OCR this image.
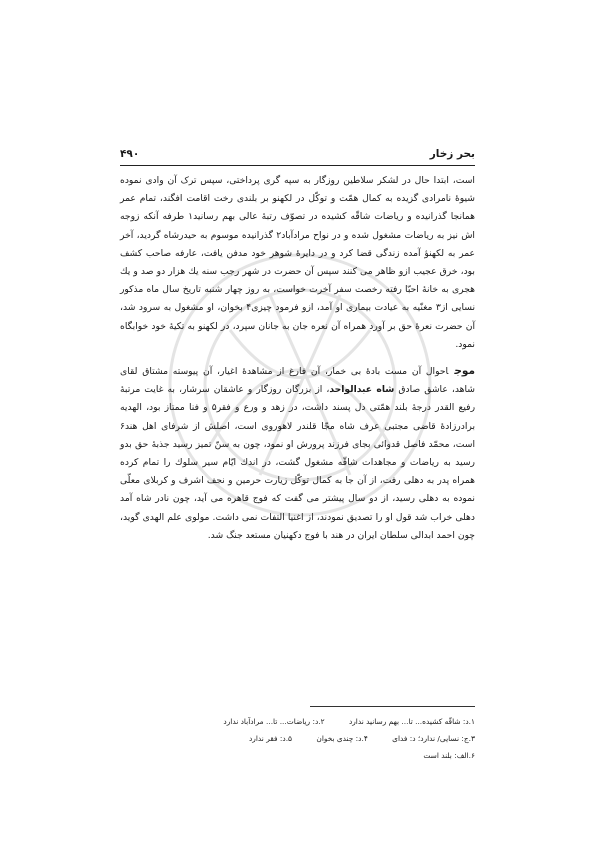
بحر زخار
۴۹۰

است، ابتدا حال در لشکر سلاطین روزگار به سپه گری پرداختی، سپس ترک آن وادی نموده شیوهٔ نامرادی گزیده به کمال همّت و توکّل در لکهنو بر بلندی رخت اقامت افگند، تمام عمر همانجا گذرانیده و ریاضات شاقّه کشیده در تصوّف رتبهٔ عالی بهم رسانید۱ طرفه آنکه زوجه اش نیز به ریاضات مشغول شده و در نواح مرادآباد۲ گذرانیده موسوم به حیدرشاه گردید، آخر عمر به لکهنؤ آمده زندگی قضا کرد و در دایرهٔ شوهر خود مدفن یافت، عارفه صاحب کشف بود، خرق عجیب ازو ظاهر می کنند سپس آن حضرت در شهر رجب سنه یك هزار دو صد و یك هجری به خانهٔ احبّا رفته رخصت سفر آخرت خواست، به روز چهار شنبه تاریخ سال ماه مذکور نسایی از۳ مغنّیه به عیادت بیماری او آمد، ازو فرمود چیزی۴ بخوان، او مشغول به سرود شد، آن حضرت نعرهٔ حق بر آورد همراه آن نعره جان به جانان سپرد، در لکهنو به تکیهٔ خود خوابگاه نمود.

موجاحوال آن مست بادهٔ بی خمار، آن فارغ از مشاهدهٔ اغیار، آن پیوسته مشتاق لقای شاهد، عاشق صادق شاه عبدالواحد، از بزرگان روزگار و عاشقان سرشار، به غایت مرتبهٔ رفیع القدر درجهٔ بلند همّتی دل پسند داشت، در زهد و ورع و فقر۵ و فنا ممتاز بود، الهدیه برادرزادهٔ قاضی مجتبی عرف شاه مجّا قلندر لاهوروی است، اصلش از شرفای اهل هند۶ است، محمّد فاصل قدوائی بجای فرزند پرورش او نمود، چون به سنّ تمیز رسید جذبهٔ حق بدو رسید به ریاضات و مجاهدات شاقّه مشغول گشت، در اندك ایّام سیر سلوك را تمام کرده همراه پدر به دهلی رفت، از آن جا به کمال توکّل زیارت حرمین و نجف اشرف و کربلای معلّی نموده به دهلی رسید، از دو سال پیشتر می گفت که فوج قاهره می آید، چون نادر شاه آمد دهلی خراب شد قول او را تصدیق نمودند، از اغنیا التفات نمی داشت. مولوی علم الهدی گوید، چون احمد ابدالی سلطان ایران در هند با فوج دکهنیان مستعد جنگ شد.

۱.د: شاقّه کشیده... تا... بهم رسانید ندارد ۲.د: ریاضات... تا... مرادآباد ندارد
۳.ج: نسایی/ ندارد؛ د: فدای ۴.د: چندی بخوان ۵.د: فقر ندارد
۶.الف: بلند است
